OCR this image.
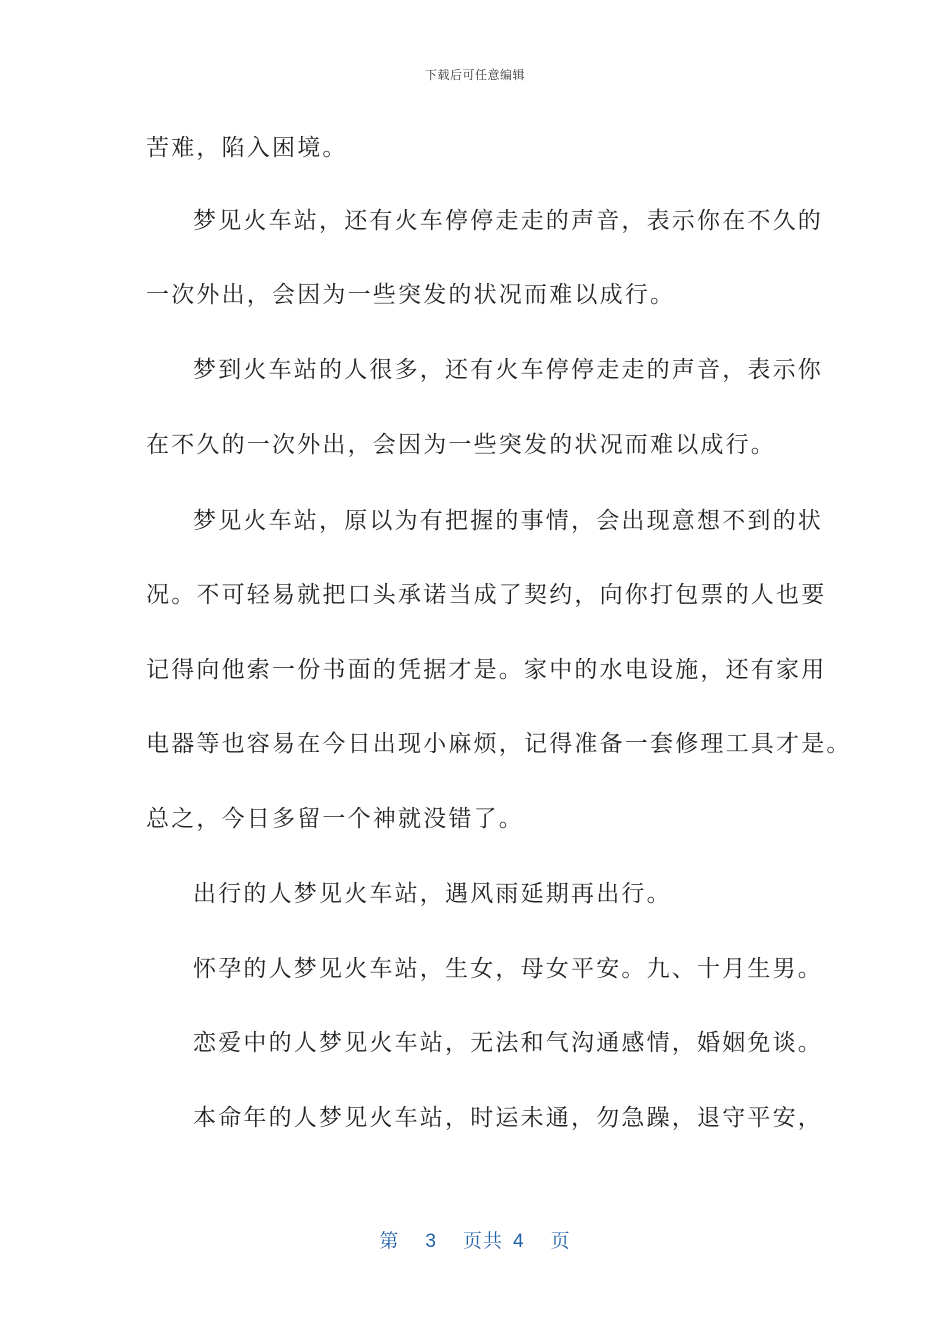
下载后可任意编辑
苦难，陷入困境。
梦见火车站，还有火车停停走走的声音，表示你在不久的
一次外出，会因为一些突发的状况而难以成行。
梦到火车站的人很多，还有火车停停走走的声音，表示你
在不久的一次外出，会因为一些突发的状况而难以成行。
梦见火车站，原以为有把握的事情，会出现意想不到的状
况。不可轻易就把口头承诺当成了契约，向你打包票的人也要
记得向他索一份书面的凭据才是。家中的水电设施，还有家用
电器等也容易在今日出现小麻烦，记得准备一套修理工具才是。
总之，今日多留一个神就没错了。
出行的人梦见火车站，遇风雨延期再出行。
怀孕的人梦见火车站，生女，母女平安。九、十月生男。
恋爱中的人梦见火车站，无法和气沟通感情，婚姻免谈。
本命年的人梦见火车站，时运未通，勿急躁，退守平安，
第 3 页共 4 页
